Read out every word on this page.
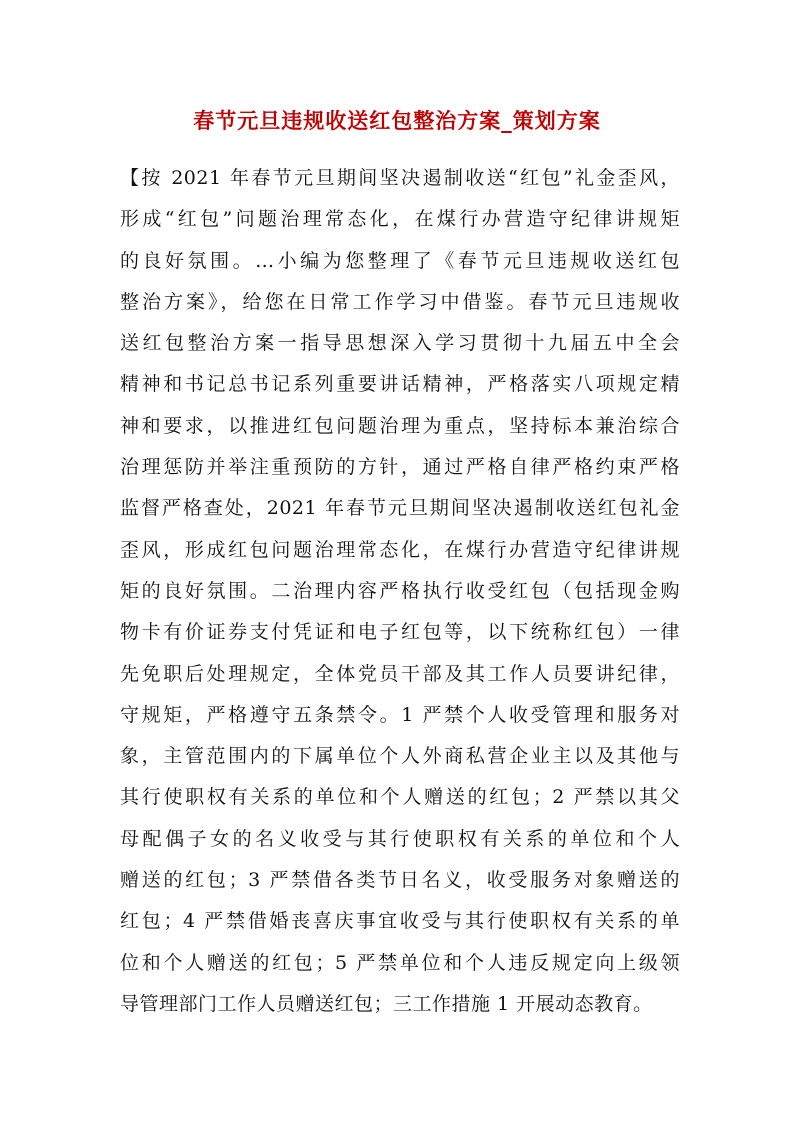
春节元旦违规收送红包整治方案_策划方案
【按 2021 年春节元旦期间坚决遏制收送“红包”礼金歪风，
形成“红包”问题治理常态化，在煤行办营造守纪律讲规矩
的良好氛围。…小编为您整理了《春节元旦违规收送红包
整治方案》，给您在日常工作学习中借鉴。春节元旦违规收
送红包整治方案一指导思想深入学习贯彻十九届五中全会
精神和书记总书记系列重要讲话精神，严格落实八项规定精
神和要求，以推进红包问题治理为重点，坚持标本兼治综合
治理惩防并举注重预防的方针，通过严格自律严格约束严格
监督严格查处，2021 年春节元旦期间坚决遏制收送红包礼金
歪风，形成红包问题治理常态化，在煤行办营造守纪律讲规
矩的良好氛围。二治理内容严格执行收受红包（包括现金购
物卡有价证券支付凭证和电子红包等，以下统称红包）一律
先免职后处理规定，全体党员干部及其工作人员要讲纪律，
守规矩，严格遵守五条禁令。1 严禁个人收受管理和服务对
象，主管范围内的下属单位个人外商私营企业主以及其他与
其行使职权有关系的单位和个人赠送的红包；2 严禁以其父
母配偶子女的名义收受与其行使职权有关系的单位和个人
赠送的红包；3 严禁借各类节日名义，收受服务对象赠送的
红包；4 严禁借婚丧喜庆事宜收受与其行使职权有关系的单
位和个人赠送的红包；5 严禁单位和个人违反规定向上级领
导管理部门工作人员赠送红包；三工作措施 1 开展动态教育。
